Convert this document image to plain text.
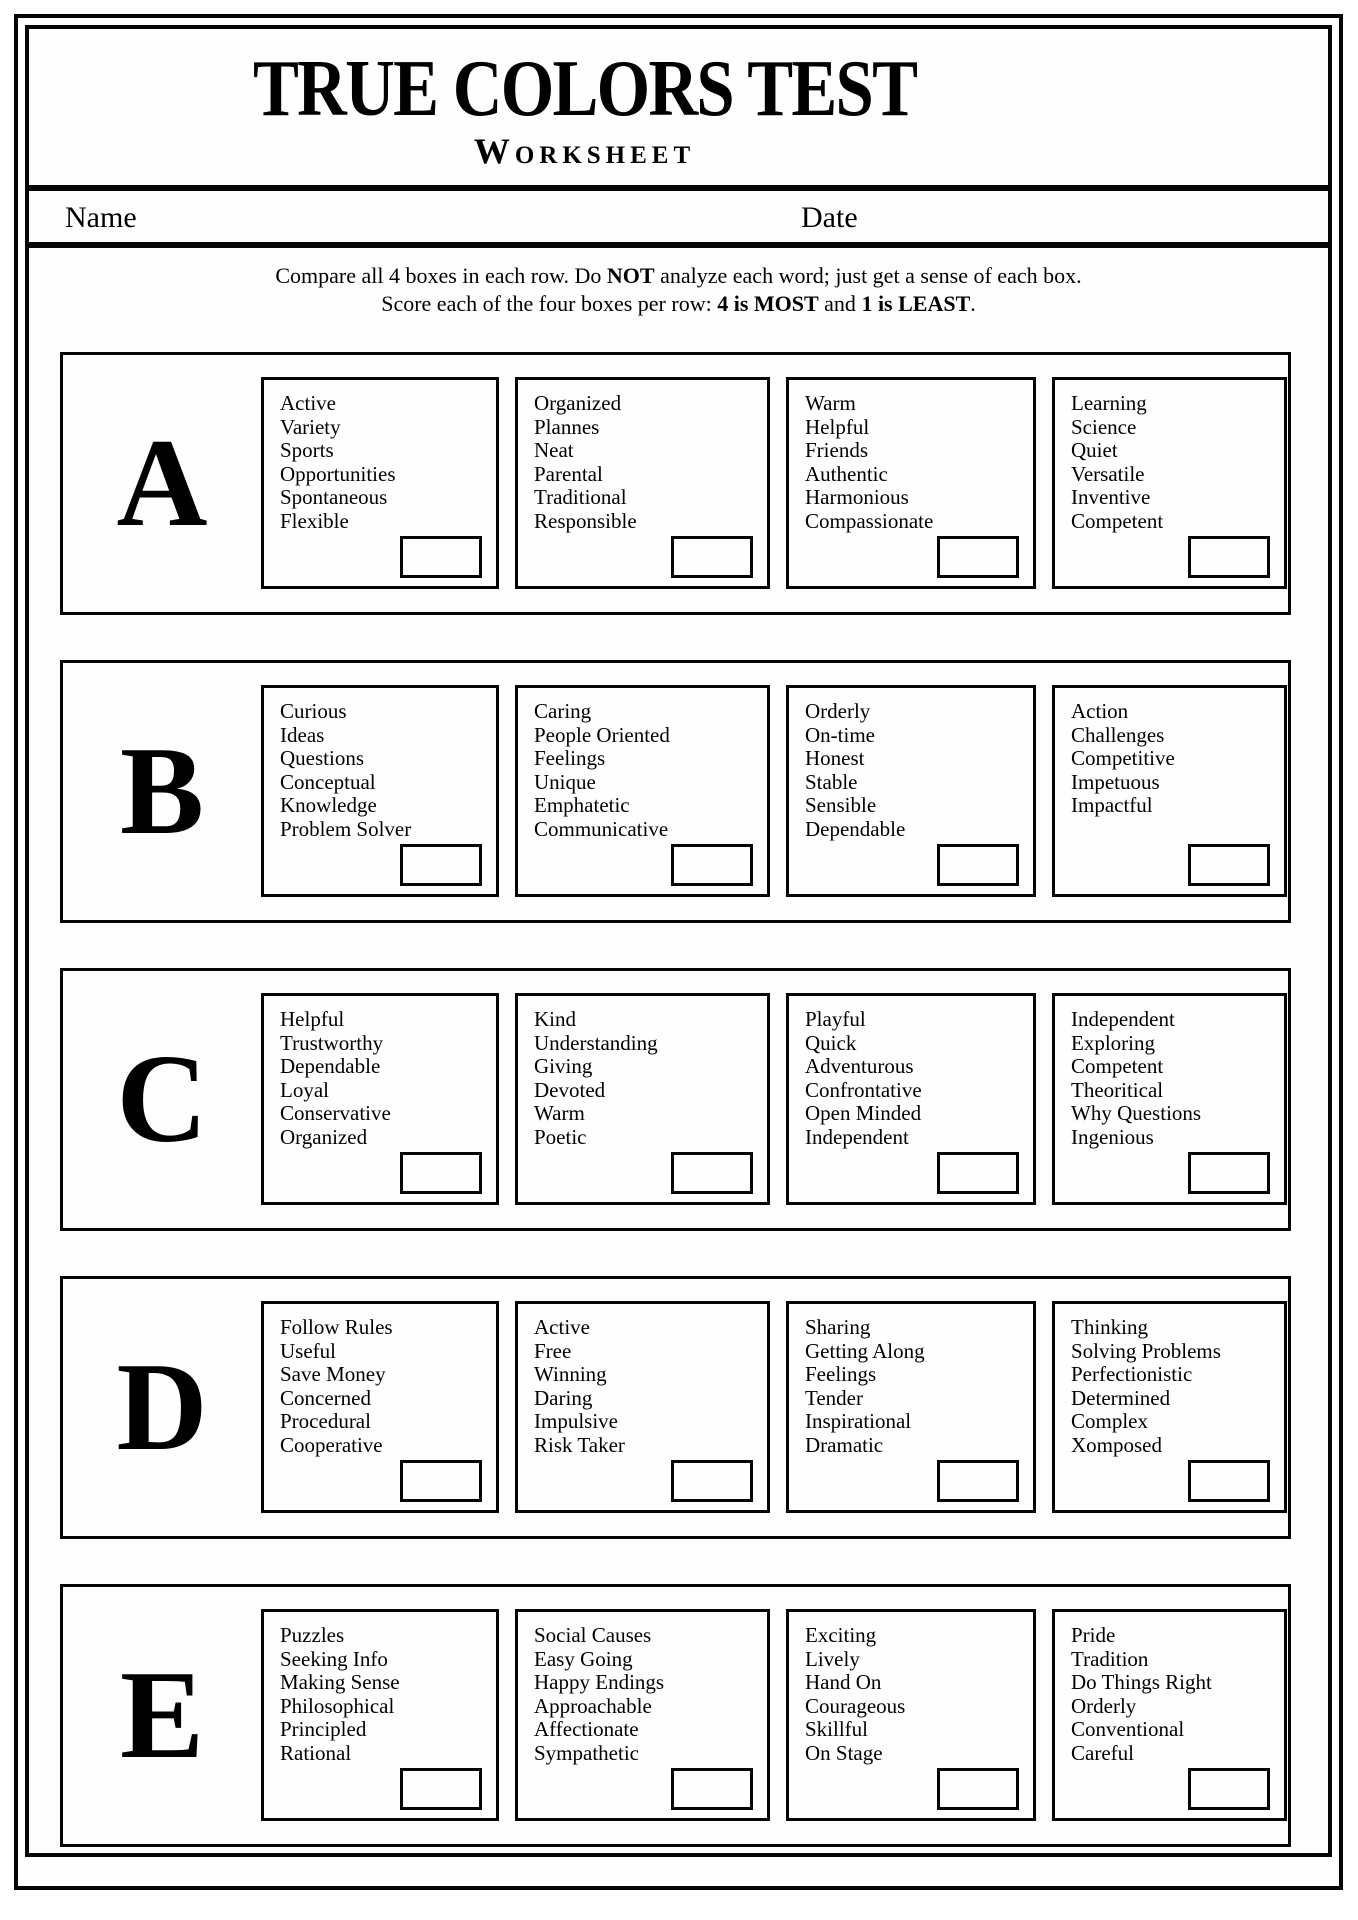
TRUE COLORS TEST
Worksheet
Name	Date
Compare all 4 boxes in each row. Do NOT analyze each word; just get a sense of each box.
Score each of the four boxes per row: 4 is MOST and 1 is LEAST.
A
Active
Variety
Sports
Opportunities
Spontaneous
Flexible
Organized
Plannes
Neat
Parental
Traditional
Responsible
Warm
Helpful
Friends
Authentic
Harmonious
Compassionate
Learning
Science
Quiet
Versatile
Inventive
Competent
B
Curious
Ideas
Questions
Conceptual
Knowledge
Problem Solver
Caring
People Oriented
Feelings
Unique
Emphatetic
Communicative
Orderly
On-time
Honest
Stable
Sensible
Dependable
Action
Challenges
Competitive
Impetuous
Impactful
C
Helpful
Trustworthy
Dependable
Loyal
Conservative
Organized
Kind
Understanding
Giving
Devoted
Warm
Poetic
Playful
Quick
Adventurous
Confrontative
Open Minded
Independent
Independent
Exploring
Competent
Theoritical
Why Questions
Ingenious
D
Follow Rules
Useful
Save Money
Concerned
Procedural
Cooperative
Active
Free
Winning
Daring
Impulsive
Risk Taker
Sharing
Getting Along
Feelings
Tender
Inspirational
Dramatic
Thinking
Solving Problems
Perfectionistic
Determined
Complex
Xomposed
E
Puzzles
Seeking Info
Making Sense
Philosophical
Principled
Rational
Social Causes
Easy Going
Happy Endings
Approachable
Affectionate
Sympathetic
Exciting
Lively
Hand On
Courageous
Skillful
On Stage
Pride
Tradition
Do Things Right
Orderly
Conventional
Careful
